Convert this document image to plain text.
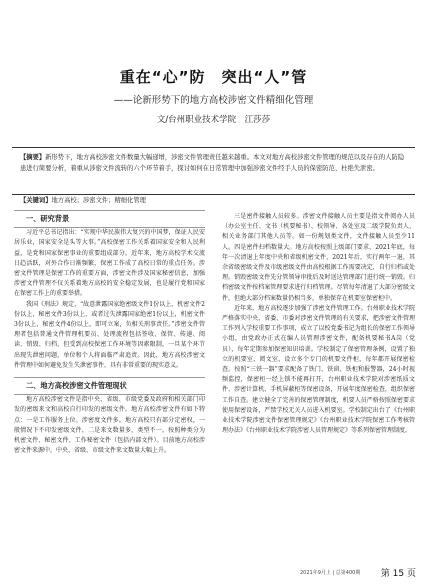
重在“心”防　突出“人”管
——论新形势下的地方高校涉密文件精细化管理
文/台州职业技术学院　江莎莎
【摘要】新形势下，地方高校涉密文件数量大幅递增，涉密文件管理责任越来越重。本文对地方高校涉密文件管理的规范以及存在的人防隐患进行简要分析，着重从涉密文件流转的六个环节着手，探讨如何在日常管理中加强涉密文件经手人员的保密防范、杜绝失泄密。
【关键词】地方高校；涉密文件；精细化管理
一、研究背景

习近平总书记指出：“实现中华民族伟大复兴的中国梦，保证人民安居乐业，国家安全是头等大事。”高校保密工作关系着国家安全和人民利益，是党和国家保密事业的重要组成部分。近年来，地方高校学术交流日趋活跃，对外合作日渐频繁，保密工作成了高校日常的重点任务。涉密文件管理是保密工作的重要方面，涉密文件涉及国家秘密信息，加强涉密文件管理不仅关系着地方高校的安全稳定发展，也是履行党和国家在保密工作上的重要举措。

我国《刑法》规定，“故意泄露国家绝密级文件1份以上，机密文件2份以上，秘密文件3份以上，或者过失泄露国家绝密1份以上，机密文件3份以上，秘密文件4份以上，即可立案，负相关刑事责任。”涉密文件管理者包括普通文件管理机要员、处理流程包括签收、保管、传递、阅读、销毁、归档、但受到高校保密工作环境等因素限制，一旦某个环节出现失泄密问题，单位和个人将面临严肃追责。因此，地方高校涉密文件管理中如何避免发生失泄密事件，具有非常重要的现实意义。

二、地方高校涉密文件管理现状

地方高校涉密文件是指中央、省级、市级党委及政府和相关部门印发的密级来文和高校自行印发的密级文件。地方高校涉密文件有如下特点：一是工作服务上位。涉密度文件多。地方高校只有部分定密权，一般情况下不印发密级文件，二是来文数量多，类型不一。按照种类分为机密文件、秘密文件、工作秘密文件（包括内部文件）。目前地方高校涉密文件来源中，中央、省级、市级文件来文数量大幅上升。

三是密件接触人员较多。涉密文件接触人员主要是指文件阅办人员（办公室主任、文书（机要秘书）、校领导、各处室及二级学院负责人、相关业务部门其他人员等。如一份规划类文件，文件接触人员至少11人。四是密件扫档数量大。地方高校按照上级部门要求，2021年底，每年一次清退上年度中央和省级机密文件，2021年后，实行两年一退，其余省级密级文件及市级密级文件由高校根据工作需要决定，自行归档或处理。销毁密级文件先分管领导审批后及时送达管理部门进行统一销毁。归档密级文件按档案管理要求进行归档管理。尽管每年清退了大部分密级文件，但绝大部分档案数量仍相当多，单独保存在机要室保密柜中。

近年来，地方高校逐步加强了涉密文件管理工作。台州职业技术学院严格落实中央、省委、市委对涉密文件管理的有关要求，把涉密文件管理工作列入学校重要工作事项，成立了以校党委书记为组长的保密工作领导小组，由党政办正式在编人员管理涉密文件，配备机要秘书A岗（党员），每年定期参加保密知识培训。学校制定了保密管理条例，设置了独立的机要室、阅文室，设立多个专门的机要文件柜，每年都开展保密检查。按照“三铁一器”要求配备了铁门、铁窗、铁柜和报警器，24小时视频监控，保密柜一经上锁不能再打开，台州职业技术学院对涉密纸质文件、涉密计算机、手机屏蔽柜等保密设备，开展年度保密检查，组织保密工作自查。建立健全了完善的保密管理制度，机要人员严格按照保密要求使用保密设备，严禁学校无关人员进入机要室。学校制定出台了《台州职业技术学院涉密文件保密管理规定》《台州职业技术学院保密工作考核管理办法》《台州职业技术学院涉密人员管理规定》等系列保密管理制度。

2021年9月上 | 总第400期 第 15 页
